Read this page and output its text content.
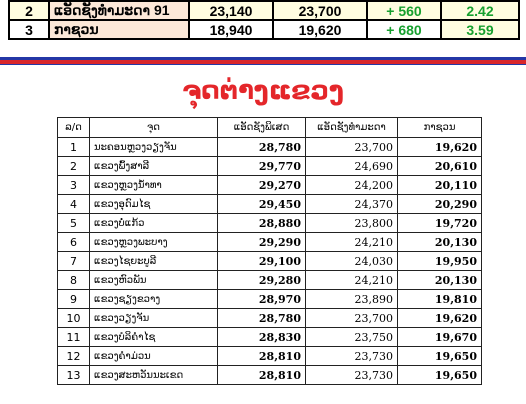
2	ແອັດຊັງທຳມະດາ 91	23,140	23,700	+ 560	2.42
3	ກາຊວນ	18,940	19,620	+ 680	3.59
ຈຸດຕ່າງແຂວງ
ລ/ດ	ຈຸດ	ແອັດຊັງພິເສດ	ແອັດຊັງທຳມະດາ	ກາຊວນ
1	ນະຄອນຫຼວງວຽງຈັນ	28,780	23,700	19,620
2	ແຂວງພົ້ງສາລີ	29,770	24,690	20,610
3	ແຂວງຫຼວງນ້ຳທາ	29,270	24,200	20,110
4	ແຂວງອຸດົມໄຊ	29,450	24,370	20,290
5	ແຂວງບໍ່ແກ້ວ	28,880	23,800	19,720
6	ແຂວງຫຼວງພະບາງ	29,290	24,210	20,130
7	ແຂວງໄຊຍະບູລີ	29,100	24,030	19,950
8	ແຂວງຫົວພັນ	29,280	24,210	20,130
9	ແຂວງຊຽງຂວາງ	28,970	23,890	19,810
10	ແຂວງວຽງຈັນ	28,780	23,700	19,620
11	ແຂວງບໍລິຄຳໄຊ	28,830	23,750	19,670
12	ແຂວງຄຳມ່ວນ	28,810	23,730	19,650
13	ແຂວງສະຫວັນນະເຂດ	28,810	23,730	19,650
